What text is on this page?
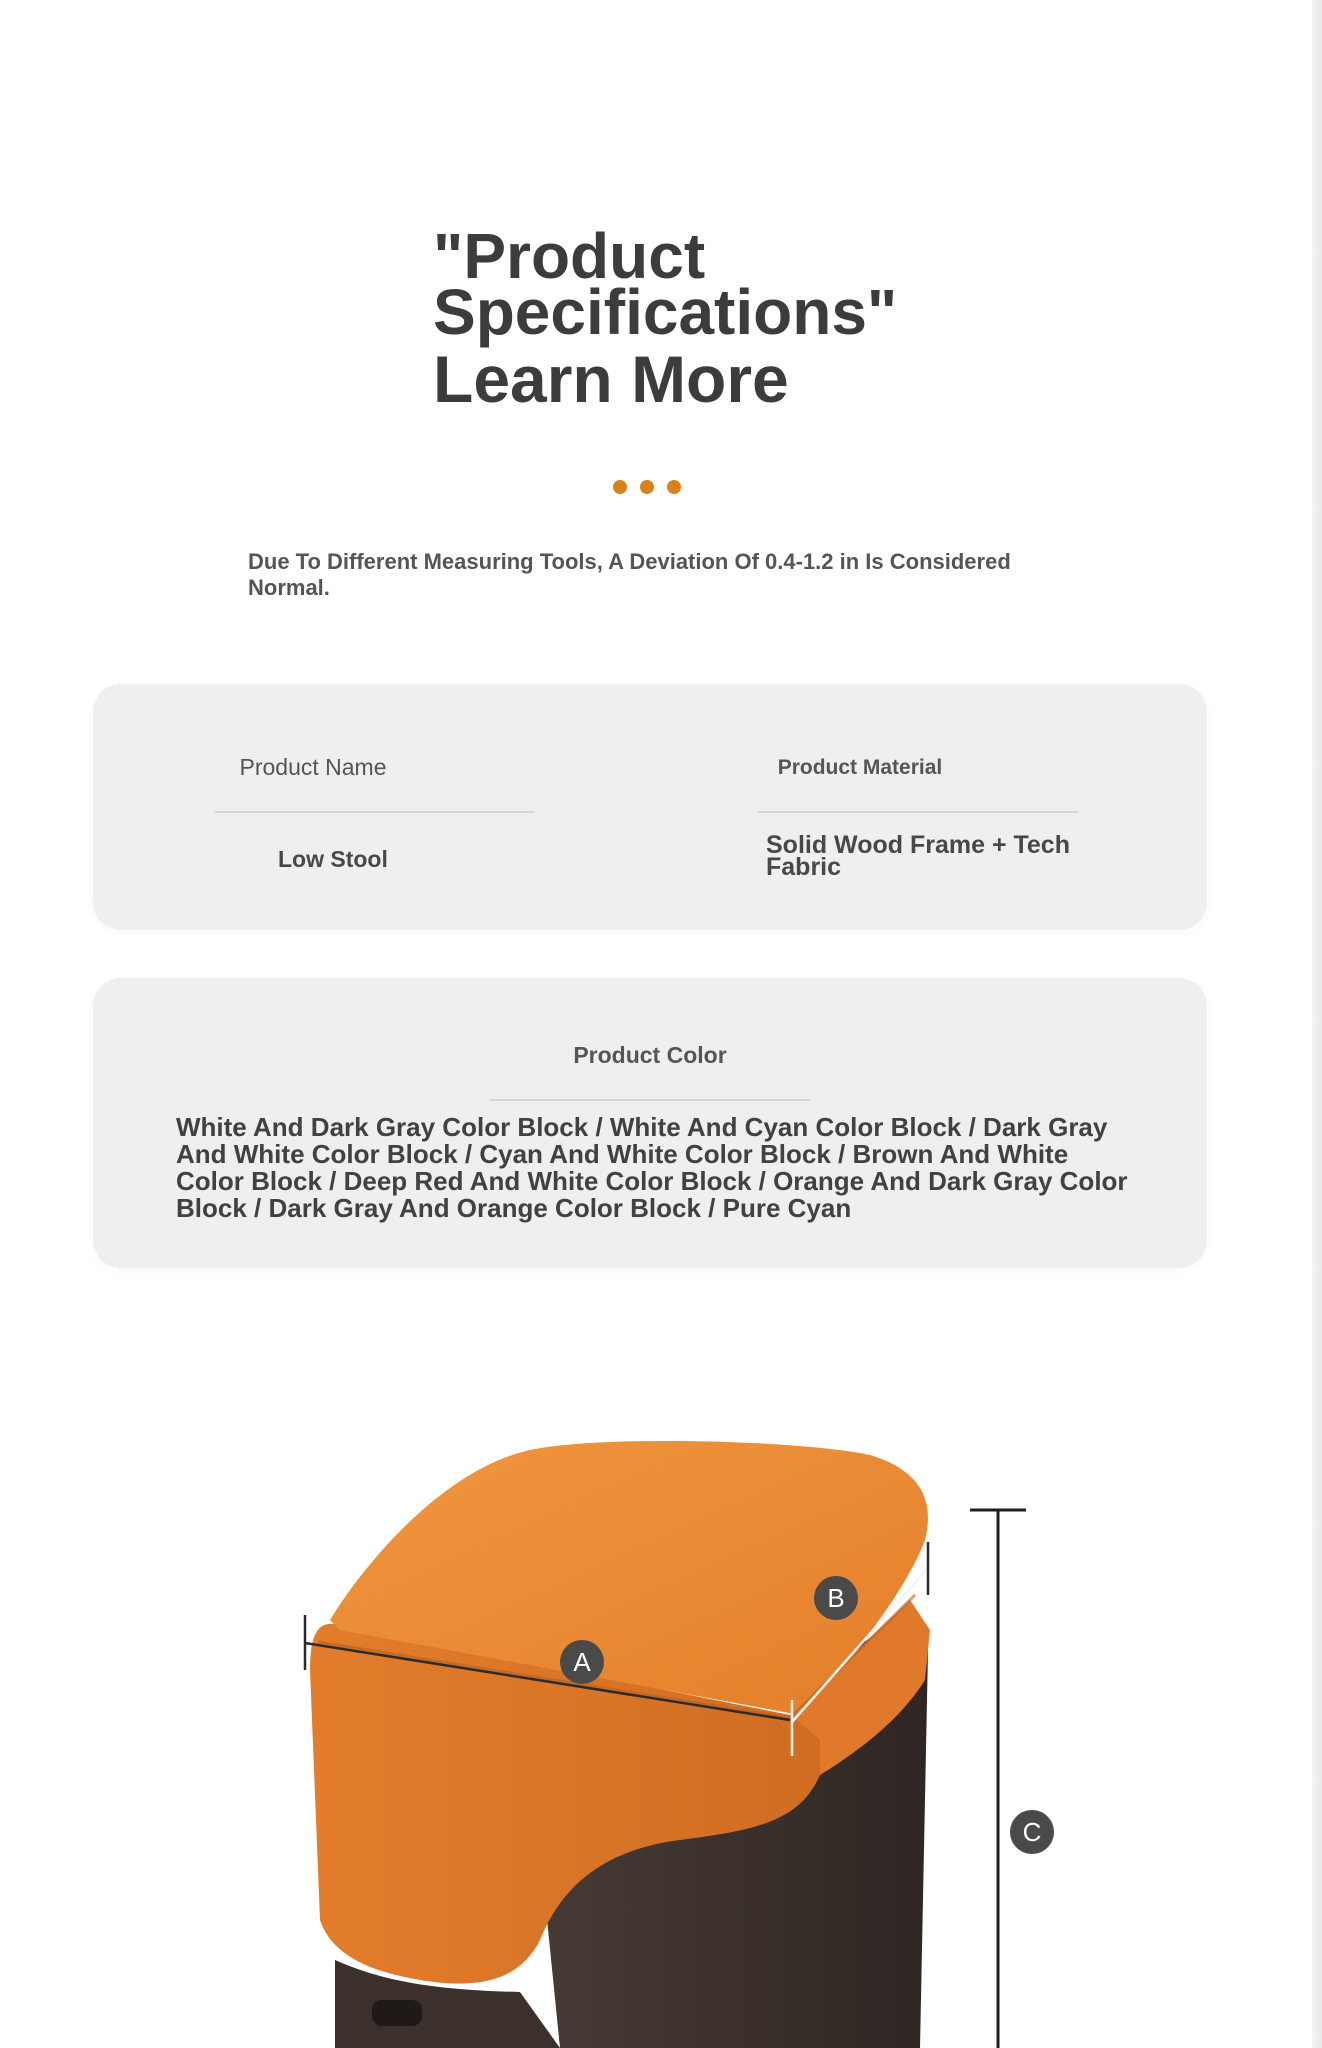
"Product
Specifications"
Learn More

Due To Different Measuring Tools, A Deviation Of 0.4-1.2 in Is Considered Normal.

Product Name
Low Stool
Product Material
Solid Wood Frame + Tech Fabric
Product Color

White And Dark Gray Color Block / White And Cyan Color Block / Dark Gray And White Color Block / Cyan And White Color Block / Brown And White Color Block / Deep Red And White Color Block / Orange And Dark Gray Color Block / Dark Gray And Orange Color Block / Pure Cyan

A
B
C
